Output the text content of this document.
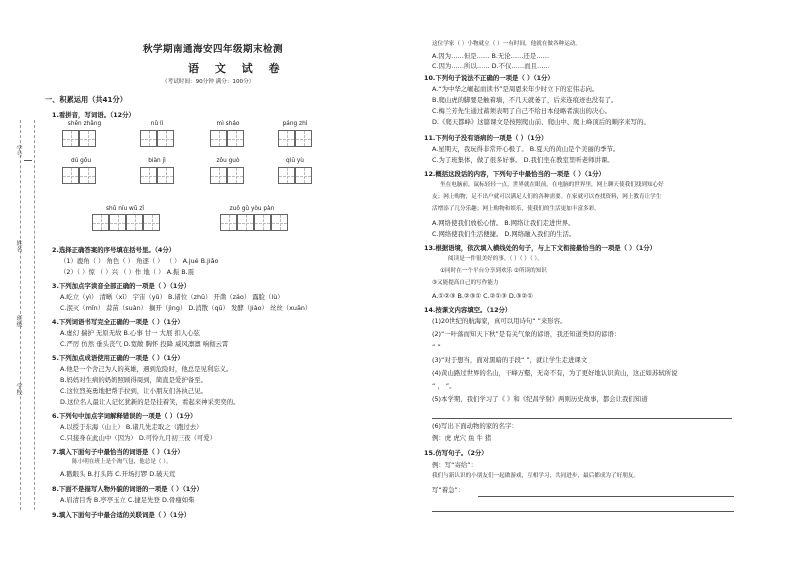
学号
姓名
班级
学校
秋学期南通海安四年级期末检测
语 文 试 卷
（考试时间：90分钟 满分：100分）
一、积累运用（共41分）
1.看拼音，写词语。（12分）
shēn zhǎng	nǔ lì	mì sháo	páng zhì
dú gōu	biàn jì	zǒu guò	qiū yù
shǔ níu wǔ zǐ	zuǒ gǔ yòu pàn
2.选择正确答案的序号填在括号里。（4分）
（1）鹿角（ ） 角色（ ） 角逐（ ） （ ） A.jué B.jiǎo
（2）（ ）惊 （ ）兴 （ ）作 地（ ） A.振 B.震
3.下列加点字读音全部正确的一项是（ ）（1分）
A.屹立（yì） 清晰（xī） 宇宙（yǔ） B.诸位（zhū） 开凿（záo） 露脸（lù）
C.泯灭（mǐn） 蒜苗（suàn） 搁开（jìng） D.消散（qū） 发酵（jiào） 丝丝（xuān）
4.下列词语书写完全正确的一项是（ ）（1分）
A.虚幻 揣护 无原无故 B.心事 甘一 大展 扣人心弦
C.严厉 仿然 垂头丧气 D.宽敞 胸怀 投降 威风凛凛 响彻云霄
5.下列加点成语使用正确的一项是（ ）（1分）
A.他是一个舍己为人的英雄，遇到危险时，他总是见利忘义。
B.妈妈对生病的奶奶照顾得周到，简直是爱护备至。
C.这位烈英勇地把帮手拉到，让小朋友们各执己见。
D.这位名人最让人记忆犹新的是是挂着笑，看起来神采奕奕的。
6.下列句中加点字词解释错误的一项是（ ）（1分）
A.以授于东海（山上） B.诸几先走取之（跑过去）
C.只接身在此山中（因为） D.可怜九月初三夜（可爱）
7.填入下面句子中最恰当的词语是（ ）（1分）
陈小明在班上是个淘气包，他总是（ ）。
A.戳眼头 B.打头阵 C.开场打锣 D.破天荒
8.下面不是描写人物外貌的词语的一项是（ ）（1分）
A.眉清目秀 B.亭亭玉立 C.捷足先登 D.骨瘦如柴
9.填入下面句子中最合适的关联词是（ ）（1分）
这位学家（ ）小物就立（ ）一有时间，他就在做各种运动。
A.因为……但是…… B.无论……还是……
C.因为……所以…… D.不仅……而且……
10.下列句子说法不正确的一项是（ ）（1分）
A.“为中华之崛起而读书”是周恩来年少时立下的宏伟志向。
B.爬山虎的脚要是触着墙，不几天就萎了，后来连痕迹也没有了。
C.梅兰芳先生通过蓄须表明了自己不给日本侵略者演出的决心。
D.《爬天都峰》这篇课文是按照爬山前、爬山中、爬上峰顶后的顺序来写的。
11.下列句子没有语病的一项是（ ）（1分）
A.星期天，我玩得非常开心极了。 B.夏天的黄山是个美丽的季节。
C.为了班集体，做了很多好事。 D.我们坐在教室里听老师讲课。
12.概括这段话的内容，下列句子中最恰当的一项是（ ）（1分）
坐在电脑前，鼠标轻轻一点，世界就在眼前。在电脑的世界里，网上聊天使我们找到知心好
友；网上购物，足不出户就可以满足人们的各种需要。在家就可以查找资料，网上教育让学生
活增添了几分乐趣；网上购物和娱乐，使我们的生活更加丰富多彩。
A.网络使我们放松心情。 B.网络让我们走进世界。
C.网络使我们生活便捷。 D.网络融入我们的生活。
13.根据语境，依次填入横线处的句子，与上下文衔接最恰当的一项是（ ）（1分）
阅读是一件很美好的事，（ ）（ ）（ ）。
①同时在一个平台分享到欢乐 ②所读的知识
③又能提高自己的写作能力
A.①②③ B.②③① C.②①③ D.③②①
14.按课文内容填空。（12分）
(1)20世纪的航海家，真可以用诗句“ ”来形容。
(2)“一叶落而知天下秋”是有关气象的谚语，我还知道类似的谚语：
“ ”
(3)“对于想当，面对黑暗的手段“ ”，就让学生走进课文
(4)黄山路过世界的名山，干峰万壑，无奇不有，为了更好地认识黄山，这正如苏轼所说
“ ， ”。
(5)本学期，我们学习了《 》和《纪昌学射》两则历史故事，都会让我们知道
(6)写出下面动物的家的名字：
例：虎 虎穴 鱼 牛 猪
15.仿写句子。（2分）
例：写“寄给”：
我们与新认识的小朋友们一起做游戏，互相学习，共同进步，最后都成为了好朋友。
写“着急”：
